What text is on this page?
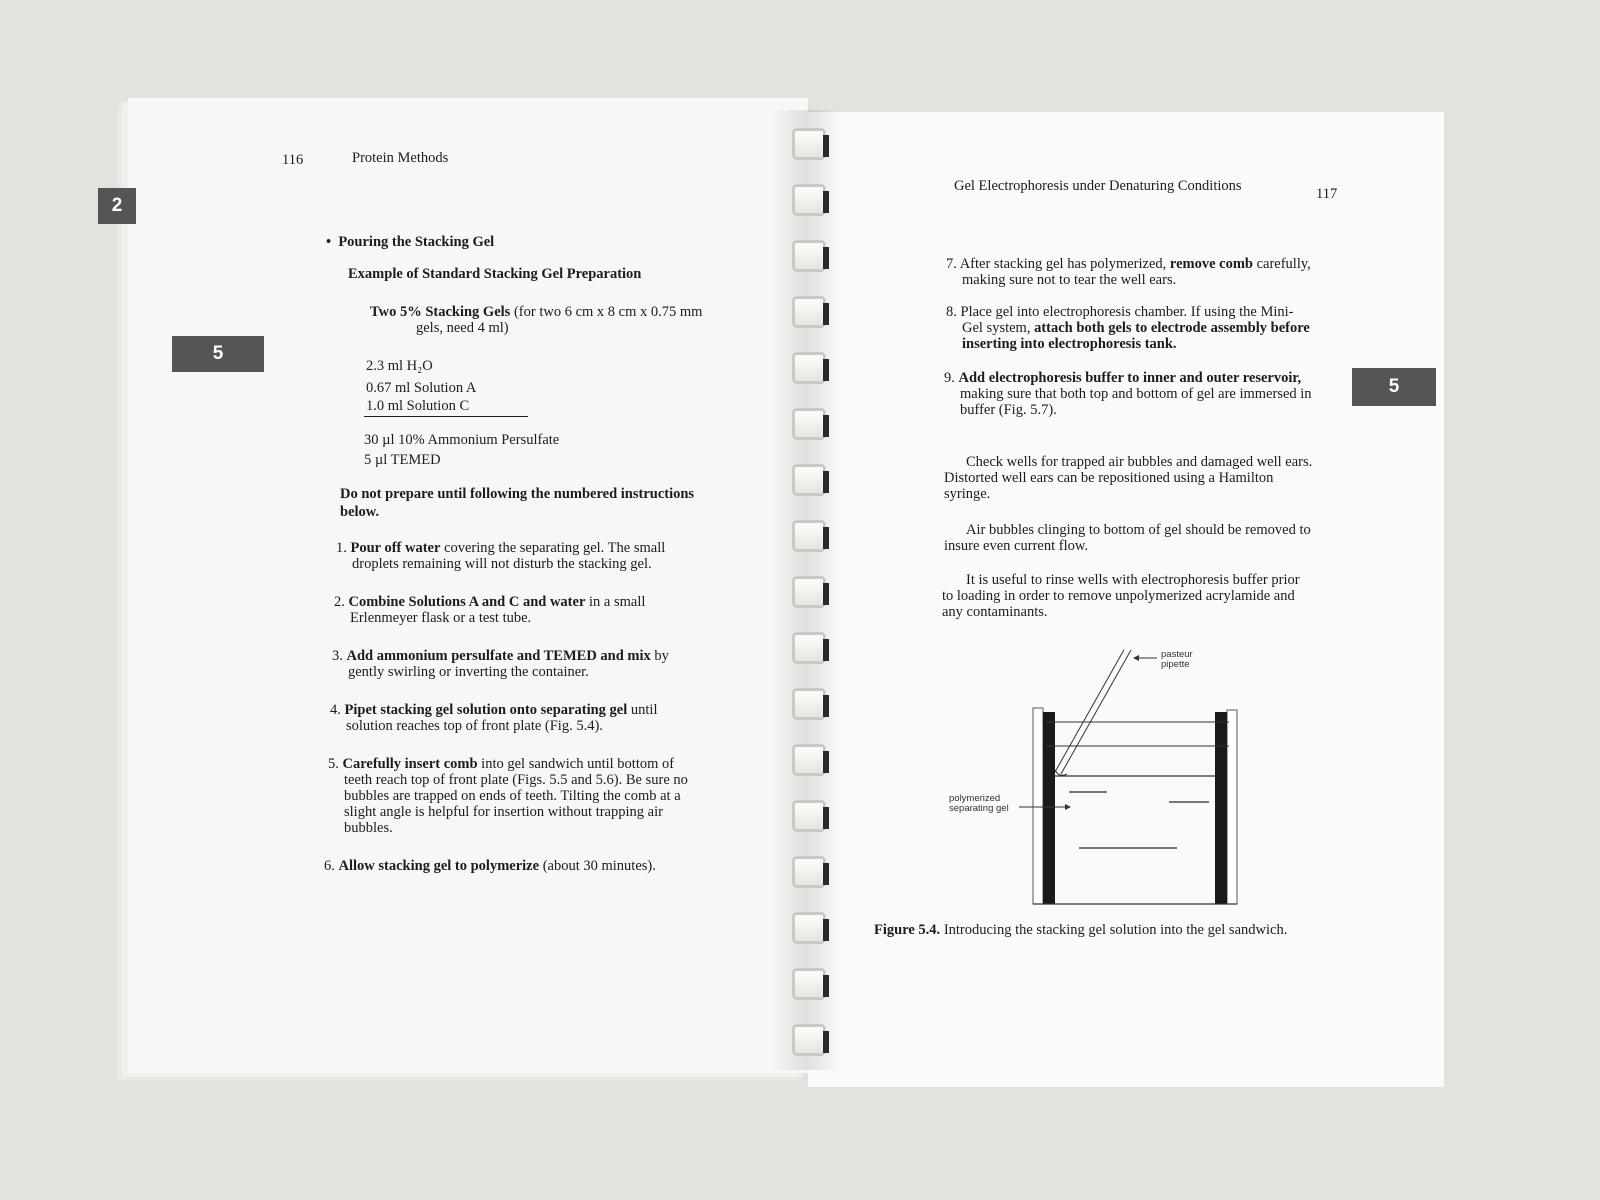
2
5
5
116	Protein Methods
•  Pouring the Stacking Gel
Example of Standard Stacking Gel Preparation
Two 5% Stacking Gels (for two 6 cm x 8 cm x 0.75 mm
gels, need 4 ml)
2.3 ml H₂O
0.67 ml Solution A
1.0 ml Solution C
30 µl 10% Ammonium Persulfate
5 µl TEMED
Do not prepare until following the numbered instructions
below.
1. Pour off water covering the separating gel. The small
droplets remaining will not disturb the stacking gel.
2. Combine Solutions A and C and water in a small
Erlenmeyer flask or a test tube.
3. Add ammonium persulfate and TEMED and mix by
gently swirling or inverting the container.
4. Pipet stacking gel solution onto separating gel until
solution reaches top of front plate (Fig. 5.4).
5. Carefully insert comb into gel sandwich until bottom of
teeth reach top of front plate (Figs. 5.5 and 5.6). Be sure no
bubbles are trapped on ends of teeth. Tilting the comb at a
slight angle is helpful for insertion without trapping air
bubbles.
6. Allow stacking gel to polymerize (about 30 minutes).
Gel Electrophoresis under Denaturing Conditions	117
7. After stacking gel has polymerized, remove comb carefully,
making sure not to tear the well ears.
8. Place gel into electrophoresis chamber. If using the Mini-
Gel system, attach both gels to electrode assembly before
inserting into electrophoresis tank.
9. Add electrophoresis buffer to inner and outer reservoir,
making sure that both top and bottom of gel are immersed in
buffer (Fig. 5.7).
Check wells for trapped air bubbles and damaged well ears.
Distorted well ears can be repositioned using a Hamilton
syringe.
Air bubbles clinging to bottom of gel should be removed to
insure even current flow.
It is useful to rinse wells with electrophoresis buffer prior
to loading in order to remove unpolymerized acrylamide and
any contaminants.
pasteur
pipette
polymerized
separating gel
Figure 5.4. Introducing the stacking gel solution into the gel sandwich.
